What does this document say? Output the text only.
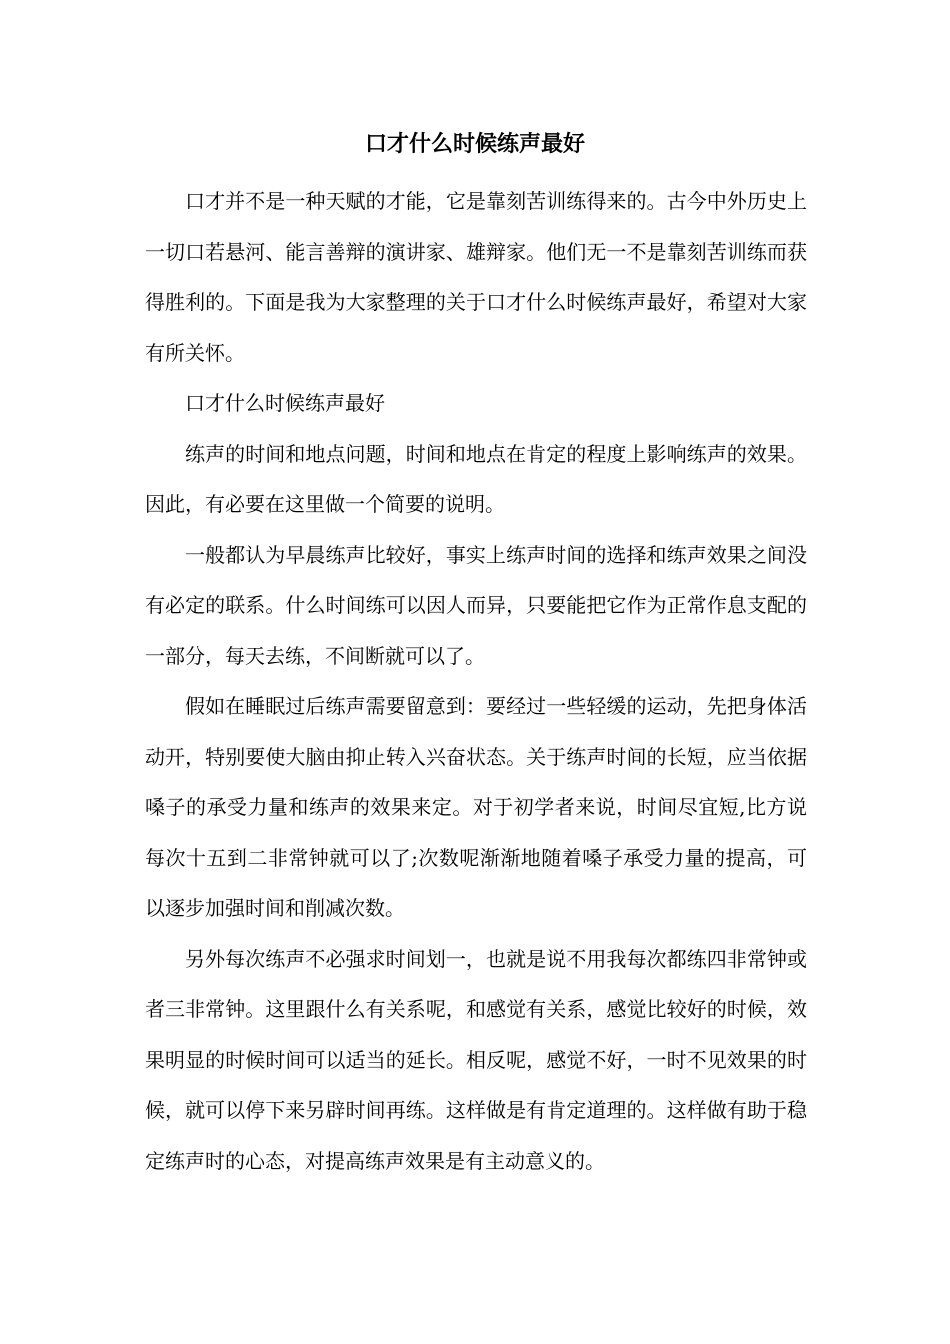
口才什么时候练声最好

口才并不是一种天赋的才能，它是靠刻苦训练得来的。古今中外历史上一切口若悬河、能言善辩的演讲家、雄辩家。他们无一不是靠刻苦训练而获得胜利的。下面是我为大家整理的关于口才什么时候练声最好，希望对大家有所关怀。

口才什么时候练声最好

练声的时间和地点问题，时间和地点在肯定的程度上影响练声的效果。因此，有必要在这里做一个简要的说明。

一般都认为早晨练声比较好，事实上练声时间的选择和练声效果之间没有必定的联系。什么时间练可以因人而异，只要能把它作为正常作息支配的一部分，每天去练，不间断就可以了。

假如在睡眠过后练声需要留意到：要经过一些轻缓的运动，先把身体活动开，特别要使大脑由抑止转入兴奋状态。关于练声时间的长短，应当依据嗓子的承受力量和练声的效果来定。对于初学者来说，时间尽宜短,比方说每次十五到二非常钟就可以了;次数呢渐渐地随着嗓子承受力量的提高，可以逐步加强时间和削减次数。

另外每次练声不必强求时间划一，也就是说不用我每次都练四非常钟或者三非常钟。这里跟什么有关系呢，和感觉有关系，感觉比较好的时候，效果明显的时候时间可以适当的延长。相反呢，感觉不好，一时不见效果的时候，就可以停下来另辟时间再练。这样做是有肯定道理的。这样做有助于稳定练声时的心态，对提高练声效果是有主动意义的。
